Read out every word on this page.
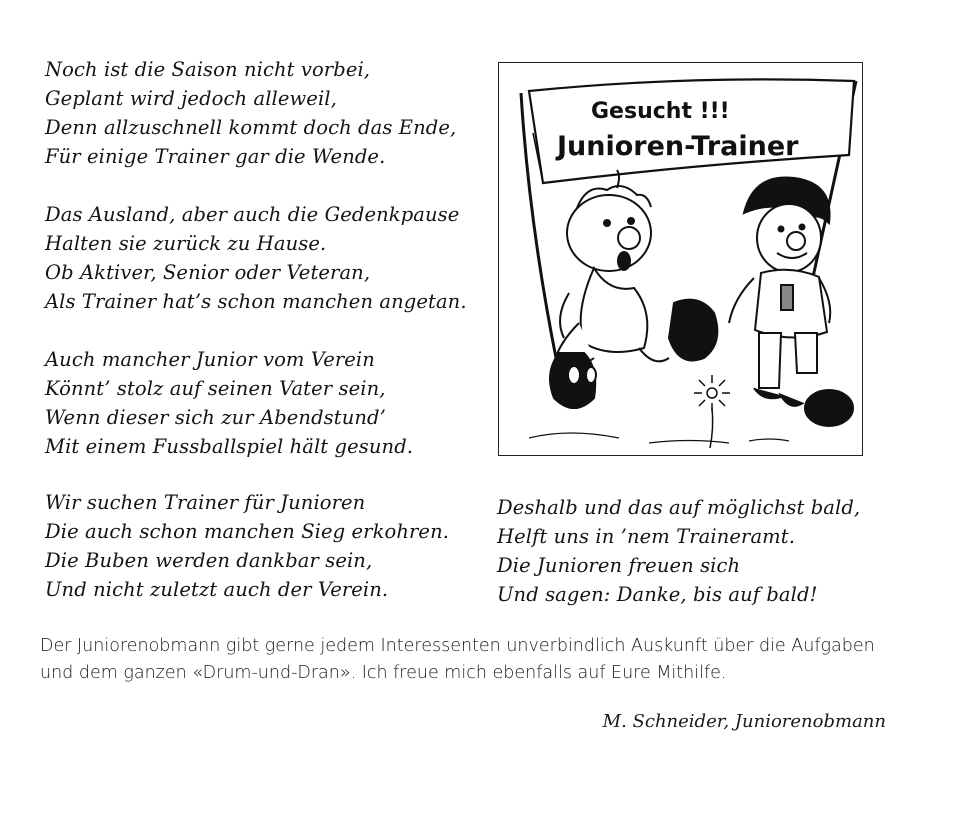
Noch ist die Saison nicht vorbei,
Geplant wird jedoch alleweil,
Denn allzuschnell kommt doch das Ende,
Für einige Trainer gar die Wende.
Das Ausland, aber auch die Gedenkpause
Halten sie zurück zu Hause.
Ob Aktiver, Senior oder Veteran,
Als Trainer hat’s schon manchen angetan.
Auch mancher Junior vom Verein
Könnt’ stolz auf seinen Vater sein,
Wenn dieser sich zur Abendstund’
Mit einem Fussballspiel hält gesund.
Wir suchen Trainer für Junioren
Die auch schon manchen Sieg erkohren.
Die Buben werden dankbar sein,
Und nicht zuletzt auch der Verein.
Deshalb und das auf möglichst bald,
Helft uns in ’nem Traineramt.
Die Junioren freuen sich
Und sagen: Danke, bis auf bald!
Gesucht !!!
Junioren-Trainer

Der Juniorenobmann gibt gerne jedem Interessenten unverbindlich Auskunft über die Aufgaben und dem ganzen «Drum-und-Dran». Ich freue mich ebenfalls auf Eure Mithilfe.

M. Schneider, Juniorenobmann
